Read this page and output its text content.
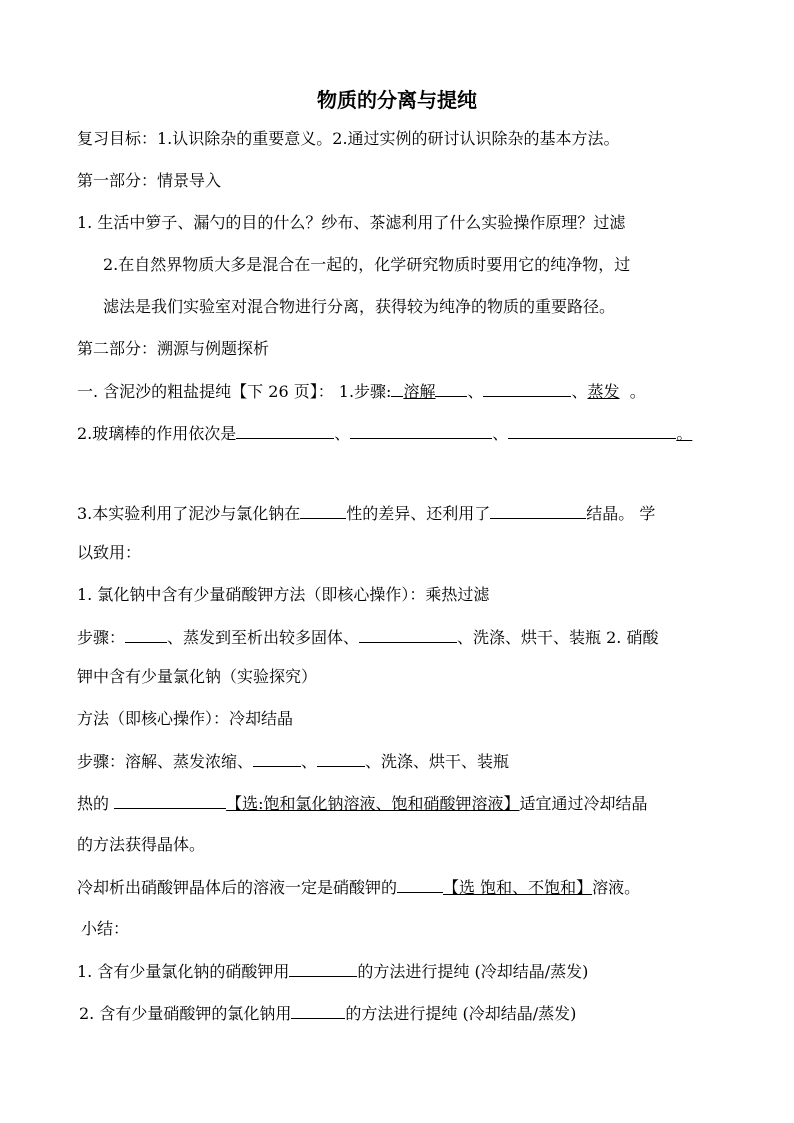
物质的分离与提纯
复习目标：1.认识除杂的重要意义。2.通过实例的研讨认识除杂的基本方法。
第一部分：情景导入
1. 生活中箩子、漏勺的目的什么？纱布、茶滤利用了什么实验操作原理？过滤
2.在自然界物质大多是混合在一起的，化学研究物质时要用它的纯净物，过
滤法是我们实验室对混合物进行分离，获得较为纯净的物质的重要路径。
第二部分：溯源与例题探析
一. 含泥沙的粗盐提纯【下 26 页】： 1.步骤: 溶解 、	、蒸发 。
2.玻璃棒的作用依次是	、	、	。
3.本实验利用了泥沙与氯化钠在	性的差异、还利用了	结晶。 学
以致用：
1. 氯化钠中含有少量硝酸钾方法（即核心操作）：乘热过滤
步骤：	、蒸发到至析出较多固体、	、洗涤、烘干、装瓶 2. 硝酸
钾中含有少量氯化钠（实验探究）
方法（即核心操作）：冷却结晶
步骤：溶解、蒸发浓缩、	、	、洗涤、烘干、装瓶
热的	【选:饱和氯化钠溶液、饱和硝酸钾溶液】适宜通过冷却结晶
的方法获得晶体。
冷却析出硝酸钾晶体后的溶液一定是硝酸钾的	【选 饱和、不饱和】溶液。
小结：
1. 含有少量氯化钠的硝酸钾用	的方法进行提纯 (冷却结晶/蒸发)
2. 含有少量硝酸钾的氯化钠用	的方法进行提纯 (冷却结晶/蒸发)
